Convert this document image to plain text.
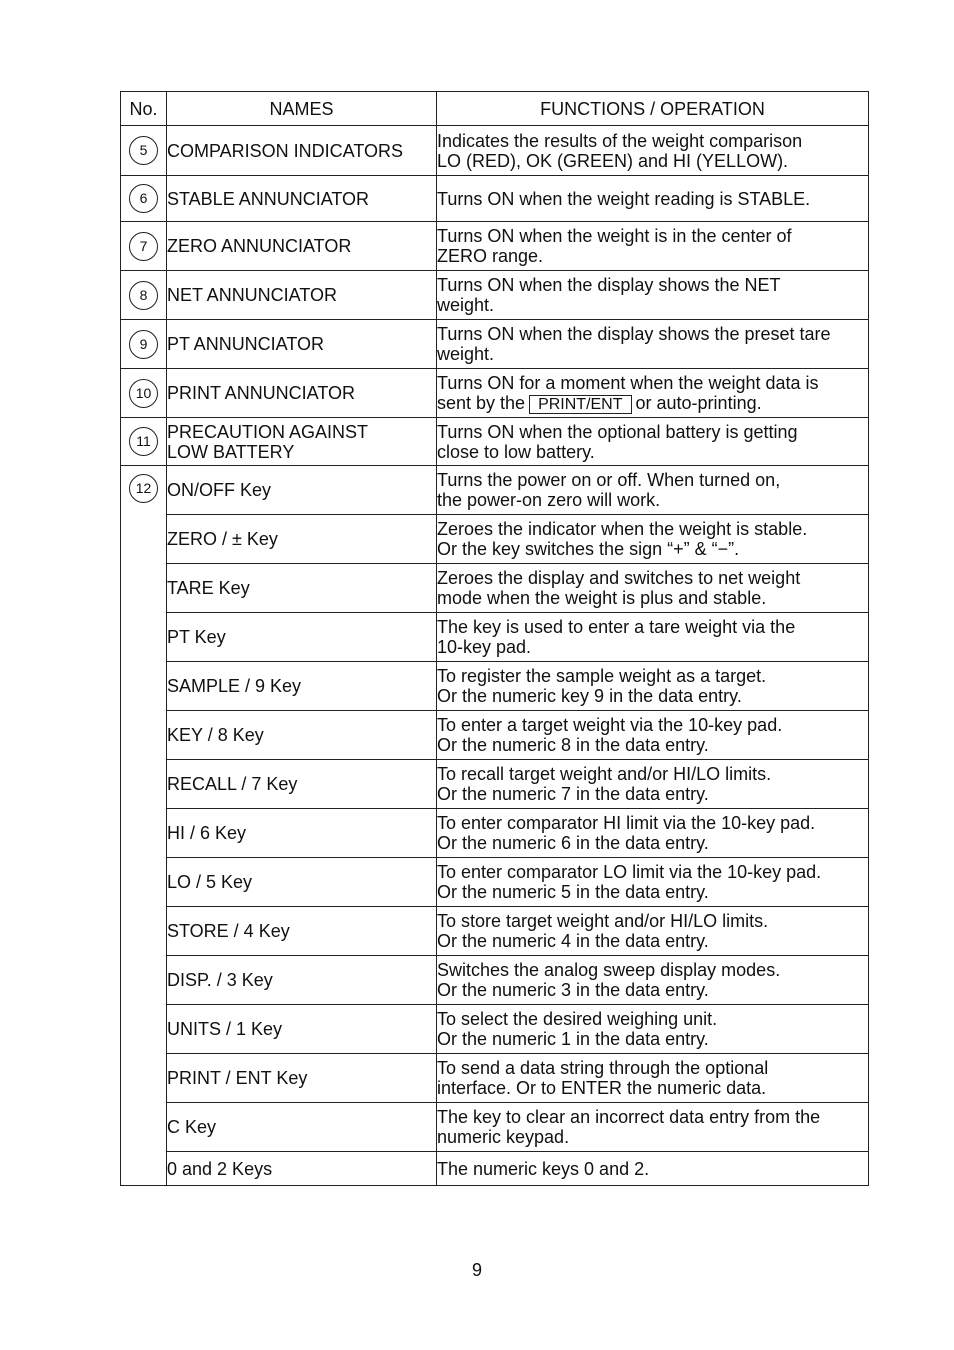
No.	NAMES	FUNCTIONS / OPERATION
5	COMPARISON INDICATORS	Indicates the results of the weight comparison
LO (RED), OK (GREEN) and HI (YELLOW).

6	STABLE ANNUNCIATOR	Turns ON when the weight reading is STABLE.

7	ZERO ANNUNCIATOR	Turns ON when the weight is in the center of
ZERO range.

8	NET ANNUNCIATOR	Turns ON when the display shows the NET
weight.

9	PT ANNUNCIATOR	Turns ON when the display shows the preset tare
weight.

10	PRINT ANNUNCIATOR	Turns ON for a moment when the weight data is
sent by the PRINT/ENT or auto-printing.

11	PRECAUTION AGAINST
LOW BATTERY	Turns ON when the optional battery is getting
close to low battery.

12	ON/OFF Key	Turns the power on or off. When turned on,
the power-on zero will work.

	ZERO / ± Key	Zeroes the indicator when the weight is stable.
Or the key switches the sign “+” & “−”.

	TARE Key	Zeroes the display and switches to net weight
mode when the weight is plus and stable.

	PT Key	The key is used to enter a tare weight via the
10-key pad.

	SAMPLE / 9 Key	To register the sample weight as a target.
Or the numeric key 9 in the data entry.

	KEY / 8 Key	To enter a target weight via the 10-key pad.
Or the numeric 8 in the data entry.

	RECALL / 7 Key	To recall target weight and/or HI/LO limits.
Or the numeric 7 in the data entry.

	HI / 6 Key	To enter comparator HI limit via the 10-key pad.
Or the numeric 6 in the data entry.

	LO / 5 Key	To enter comparator LO limit via the 10-key pad.
Or the numeric 5 in the data entry.

	STORE / 4 Key	To store target weight and/or HI/LO limits.
Or the numeric 4 in the data entry.

	DISP. / 3 Key	Switches the analog sweep display modes.
Or the numeric 3 in the data entry.

	UNITS / 1 Key	To select the desired weighing unit.
Or the numeric 1 in the data entry.

	PRINT / ENT Key	To send a data string through the optional
interface. Or to ENTER the numeric data.

	C Key	The key to clear an incorrect data entry from the
numeric keypad.

	0 and 2 Keys	The numeric keys 0 and 2.
9
